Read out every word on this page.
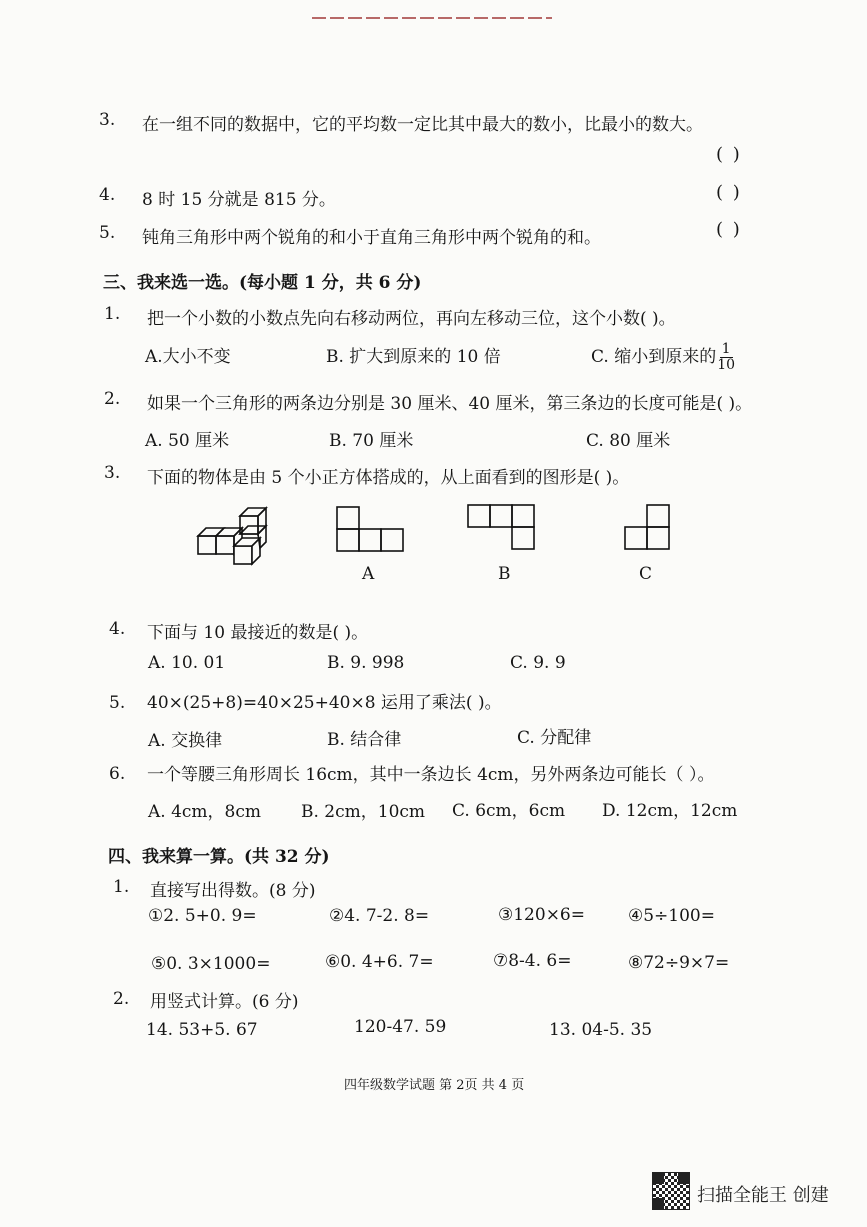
3. 在一组不同的数据中，它的平均数一定比其中最大的数小，比最小的数大。
( )
4. 8 时 15 分就是 815 分。	( )
5. 钝角三角形中两个锐角的和小于直角三角形中两个锐角的和。	( )
三、我来选一选。(每小题 1 分，共 6 分)
1. 把一个小数的小数点先向右移动两位，再向左移动三位，这个小数( )。
A.大小不变	B. 扩大到原来的 10 倍	C. 缩小到原来的 $\frac{1}{10}$
2. 如果一个三角形的两条边分别是 30 厘米、40 厘米，第三条边的长度可能是( )。
A. 50 厘米	B. 70 厘米	C. 80 厘米
3. 下面的物体是由 5 个小正方体搭成的，从上面看到的图形是( )。
A	B	C
4. 下面与 10 最接近的数是( )。
A. 10. 01	B. 9. 998	C. 9. 9
5. 40×(25+8)=40×25+40×8 运用了乘法( )。
A. 交换律	B. 结合律	C. 分配律
6. 一个等腰三角形周长 16cm，其中一条边长 4cm，另外两条边可能长（ ）。
A. 4cm，8cm B. 2cm，10cm C. 6cm，6cm D. 12cm，12cm
四、我来算一算。(共 32 分)
1. 直接写出得数。(8 分)
①2. 5+0. 9=	②4. 7-2. 8=	③120×6=	④5÷100=
⑤0. 3×1000=	⑥0. 4+6. 7=	⑦8-4. 6=	⑧72÷9×7=
2. 用竖式计算。(6 分)
14. 53+5. 67	120-47. 59	13. 04-5. 35
四年级数学试题 第 2页 共 4 页
扫描全能王 创建
